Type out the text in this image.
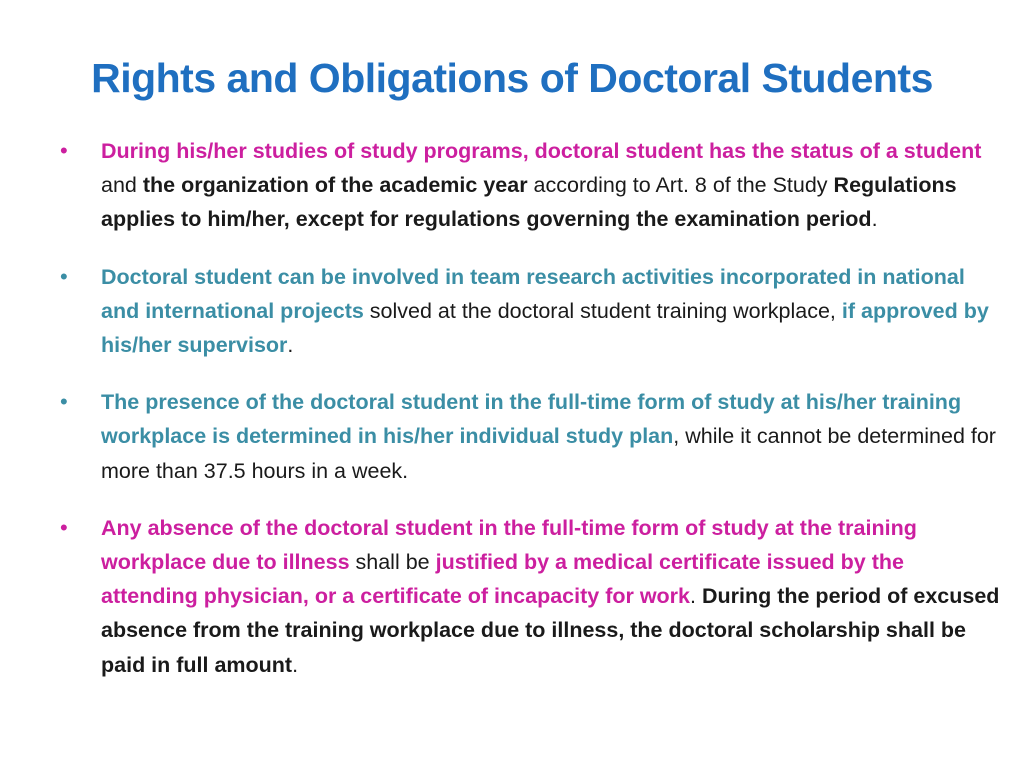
Rights and Obligations of Doctoral Students
•	During his/her studies of study programs, doctoral student has the status of a student and the organization of the academic year according to Art. 8 of the Study Regulations applies to him/her, except for regulations governing the examination period.
•	Doctoral student can be involved in team research activities incorporated in national and international projects solved at the doctoral student training workplace, if approved by his/her supervisor.
•	The presence of the doctoral student in the full-time form of study at his/her training workplace is determined in his/her individual study plan, while it cannot be determined for more than 37.5 hours in a week.
•	Any absence of the doctoral student in the full-time form of study at the training workplace due to illness shall be justified by a medical certificate issued by the attending physician, or a certificate of incapacity for work. During the period of excused absence from the training workplace due to illness, the doctoral scholarship shall be paid in full amount.
